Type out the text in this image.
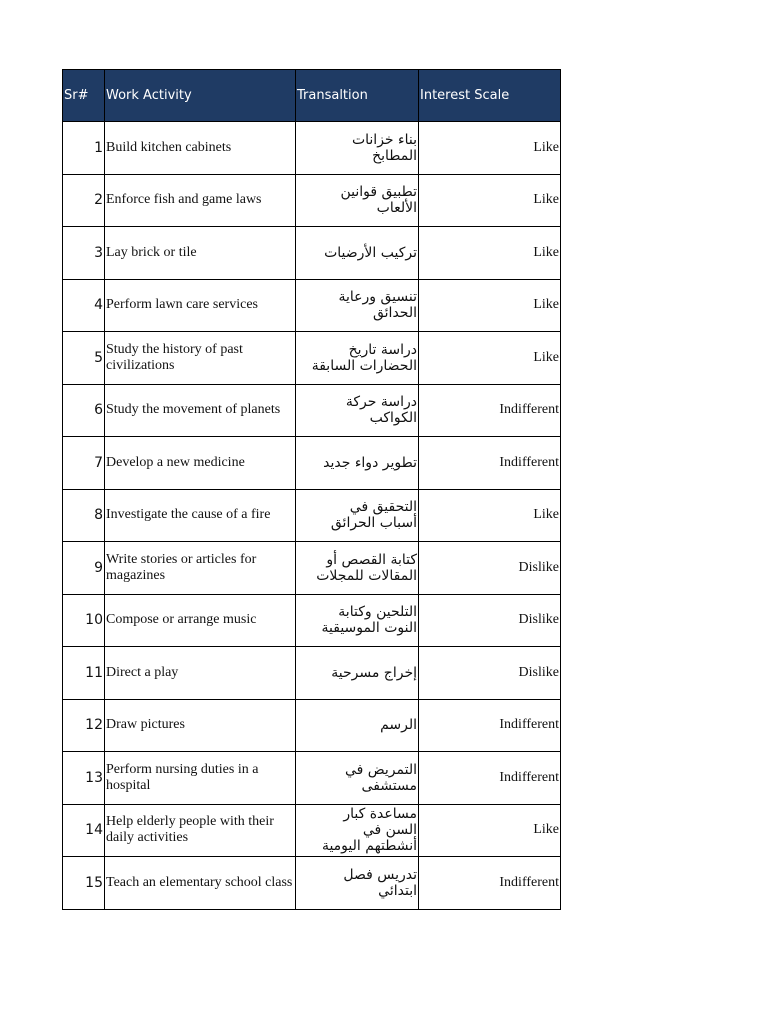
Sr#	Work Activity	Transaltion	Interest Scale
1	Build kitchen cabinets	بناء خزانات المطابخ	Like
2	Enforce fish and game laws	تطبيق قوانين الألعاب	Like
3	Lay brick or tile	تركيب الأرضيات	Like
4	Perform lawn care services	تنسيق ورعاية الحدائق	Like
5	Study the history of past civilizations	دراسة تاريخ الحضارات السابقة	Like
6	Study the movement of planets	دراسة حركة الكواكب	Indifferent
7	Develop a new medicine	تطوير دواء جديد	Indifferent
8	Investigate the cause of a fire	التحقيق في أسباب الحرائق	Like
9	Write stories or articles for magazines	كتابة القصص أو المقالات للمجلات	Dislike
10	Compose or arrange music	التلحين وكتابة النوت الموسيقية	Dislike
11	Direct a play	إخراج مسرحية	Dislike
12	Draw pictures	الرسم	Indifferent
13	Perform nursing duties in a hospital	التمريض في مستشفى	Indifferent
14	Help elderly people with their daily activities	مساعدة كبار السن في أنشطتهم اليومية	Like
15	Teach an elementary school class	تدريس فصل ابتدائي	Indifferent
